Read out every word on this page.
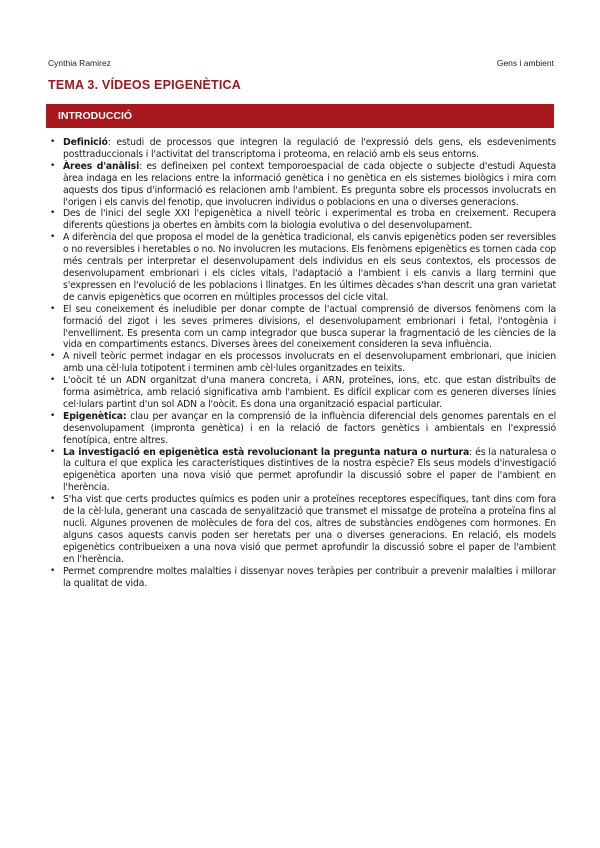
Cynthia Ramirez	Gens i ambient
TEMA 3. VÍDEOS EPIGENÈTICA
INTRODUCCIÓ
• Definició: estudi de processos que integren la regulació de l'expressió dels gens, els esdeveniments posttraduccionals i l'activitat del transcriptoma i proteoma, en relació amb els seus entorns.
• Àrees d'anàlisi: es defineixen pel context temporoespacial de cada objecte o subjecte d'estudi Aquesta àrea indaga en les relacions entre la informació genètica i no genètica en els sistemes biològics i mira com aquests dos tipus d'informació es relacionen amb l'ambient. Es pregunta sobre els processos involucrats en l'origen i els canvis del fenotip, que involucren individus o poblacions en una o diverses generacions.
• Des de l'inici del segle XXI l'epigenètica a nivell teòric i experimental es troba en creixement. Recupera diferents qüestions ja obertes en àmbits com la biologia evolutiva o del desenvolupament.
• A diferència del que proposa el model de la genètica tradicional, els canvis epigenètics poden ser reversibles o no reversibles i heretables o no. No involucren les mutacions. Els fenòmens epigenètics es tornen cada cop més centrals per interpretar el desenvolupament dels individus en els seus contextos, els processos de desenvolupament embrionari i els cicles vitals, l'adaptació a l'ambient i els canvis a llarg termini que s'expressen en l'evolució de les poblacions i llinatges. En les últimes dècades s'han descrit una gran varietat de canvis epigenètics que ocorren en múltiples processos del cicle vital.
• El seu coneixement és ineludible per donar compte de l'actual comprensió de diversos fenòmens com la formació del zigot i les seves primeres divisions, el desenvolupament embrionari i fetal, l'ontogènia i l'envelliment. Es presenta com un camp integrador que busca superar la fragmentació de les ciències de la vida en compartiments estancs. Diverses àrees del coneixement consideren la seva influència.
• A nivell teòric permet indagar en els processos involucrats en el desenvolupament embrionari, que inicien amb una cèl·lula totipotent i terminen amb cèl·lules organitzades en teixits.
• L'oòcit té un ADN organitzat d'una manera concreta, i ARN, proteïnes, ions, etc. que estan distribuïts de forma asimètrica, amb relació significativa amb l'ambient. Es difícil explicar com es generen diverses línies cel·lulars partint d'un sol ADN a l'oòcit. Es dona una organització espacial particular.
• Epigenètica: clau per avançar en la comprensió de la influència diferencial dels genomes parentals en el desenvolupament (impronta genètica) i en la relació de factors genètics i ambientals en l'expressió fenotípica, entre altres.
• La investigació en epigenètica està revolucionant la pregunta natura o nurtura: és la naturalesa o la cultura el que explica les característiques distintives de la nostra espècie? Els seus models d'investigació epigenètica aporten una nova visió que permet aprofundir la discussió sobre el paper de l'ambient en l'herència.
• S'ha vist que certs productes químics es poden unir a proteïnes receptores específiques, tant dins com fora de la cèl·lula, generant una cascada de senyalització que transmet el missatge de proteïna a proteïna fins al nucli. Algunes provenen de molècules de fora del cos, altres de substàncies endògenes com hormones. En alguns casos aquests canvis poden ser heretats per una o diverses generacions. En relació, els models epigenètics contribueixen a una nova visió que permet aprofundir la discussió sobre el paper de l'ambient en l'herència.
• Permet comprendre moltes malalties i dissenyar noves teràpies per contribuir a prevenir malalties i millorar la qualitat de vida.
